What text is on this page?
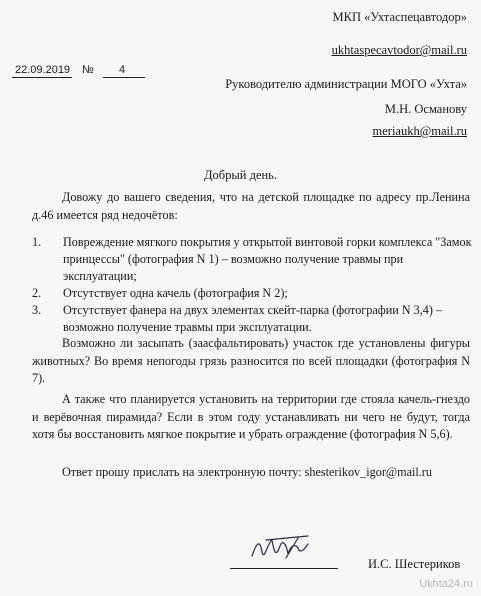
МКП «Ухтаспецавтодор»
ukhtaspecavtodor@mail.ru
22.09.2019 № 4
Руководителю администрации МОГО «Ухта»
М.Н. Османову
meriaukh@mail.ru
Добрый день.

Довожу до вашего сведения, что на детской площадке по адресу пр.Ленина д.46 имеется ряд недочётов:

1. Повреждение мягкого покрытия у открытой винтовой горки комплекса "Замок принцессы" (фотография N 1) – возможно получение травмы при эксплуатации;
2. Отсутствует одна качель (фотография N 2);
3. Отсутствует фанера на двух элементах скейт-парка (фотографии N 3,4) – возможно получение травмы при эксплуатации.

Возможно ли засыпать (заасфальтировать) участок где установлены фигуры животных? Во время непогоды грязь разносится по всей площадки (фотография N 7).

А также что планируется установить на территории где стояла качель-гнездо и верёвочная пирамида? Если в этом году устанавливать ни чего не будут, тогда хотя бы восстановить мягкое покрытие и убрать ограждение (фотография N 5,6).

Ответ прошу прислать на электронную почту: shesterikov_igor@mail.ru

И.С. Шестериков
Ukhta24.ru
